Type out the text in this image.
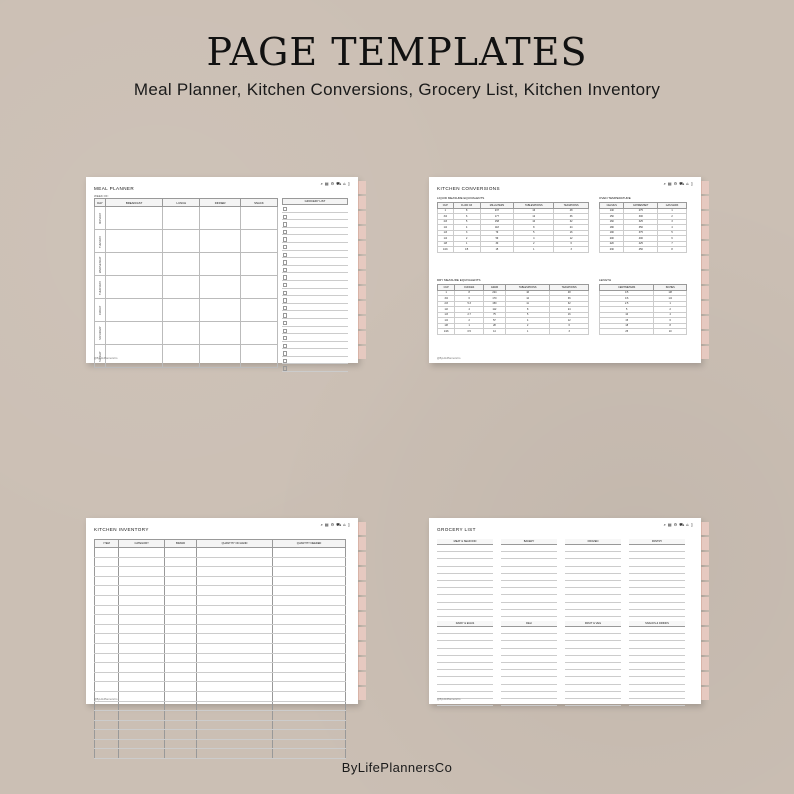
PAGE TEMPLATES
Meal Planner, Kitchen Conversions, Grocery List, Kitchen Inventory
⌕ ▦ ⚙ ⛟ ⌂ ▯
MEAL PLANNER
WEEK OF:
DAY	BREAKFAST	LUNCH	DINNER	SNACK
MONDAY				
TUESDAY				
WEDNESDAY				
THURSDAY				
FRIDAY				
SATURDAY				
SUNDAY				
GROCERY LIST
@ByLifePlannersCo
⌕ ▦ ⚙ ⛟ ⌂ ▯
KITCHEN CONVERSIONS
LIQUID MEASURE EQUIVALENTS
CUP	FLUID OZ	MILLILITERS	TABLESPOONS	TEASPOONS
1	8	237	16	48
3/4	6	177	12	36
2/3	5	158	10	32
1/2	4	118	8	24
1/3	3	79	5	16
1/4	2	59	4	12
1/8	1	30	2	6
1/16	0.5	15	1	3
OVEN TEMPERATURE
CELSIUS	FAHRENHEIT	GAS MARK
140	275	1
150	300	2
160	325	3
180	350	4
190	375	5
200	400	6
220	425	7
230	450	8
DRY MEASURE EQUIVALENTS
CUP	OUNCES	GRAM	TABLESPOONS	TEASPOONS
1	8	224	16	48
3/4	6	170	12	36
2/3	5.3	150	11	32
1/2	4	112	8	24
1/3	2.7	75	5	16
1/4	2	57	4	12
1/8	1	28	2	6
1/16	0.5	14	1	3
LENGTH
CENTIMETERS	INCHES
0.5	1/8
0.6	1/4
2.5	1
5	2
10	4
15	6
18	8
25	10
@ByLifePlannersCo
⌕ ▦ ⚙ ⛟ ⌂ ▯
KITCHEN INVENTORY
ITEM	CATEGORY	BRAND	QUANTITY ON HAND	QUANTITY NEEDED

@ByLifePlannersCo
⌕ ▦ ⚙ ⛟ ⌂ ▯
GROCERY LIST
MEAT & SEAFOOD	BAKERY	FROZEN	PANTRY
DAIRY & EGGS	DELI	FRUIT & VEG	SNACKS & DRINKS
@ByLifePlannersCo
ByLifePlannersCo
